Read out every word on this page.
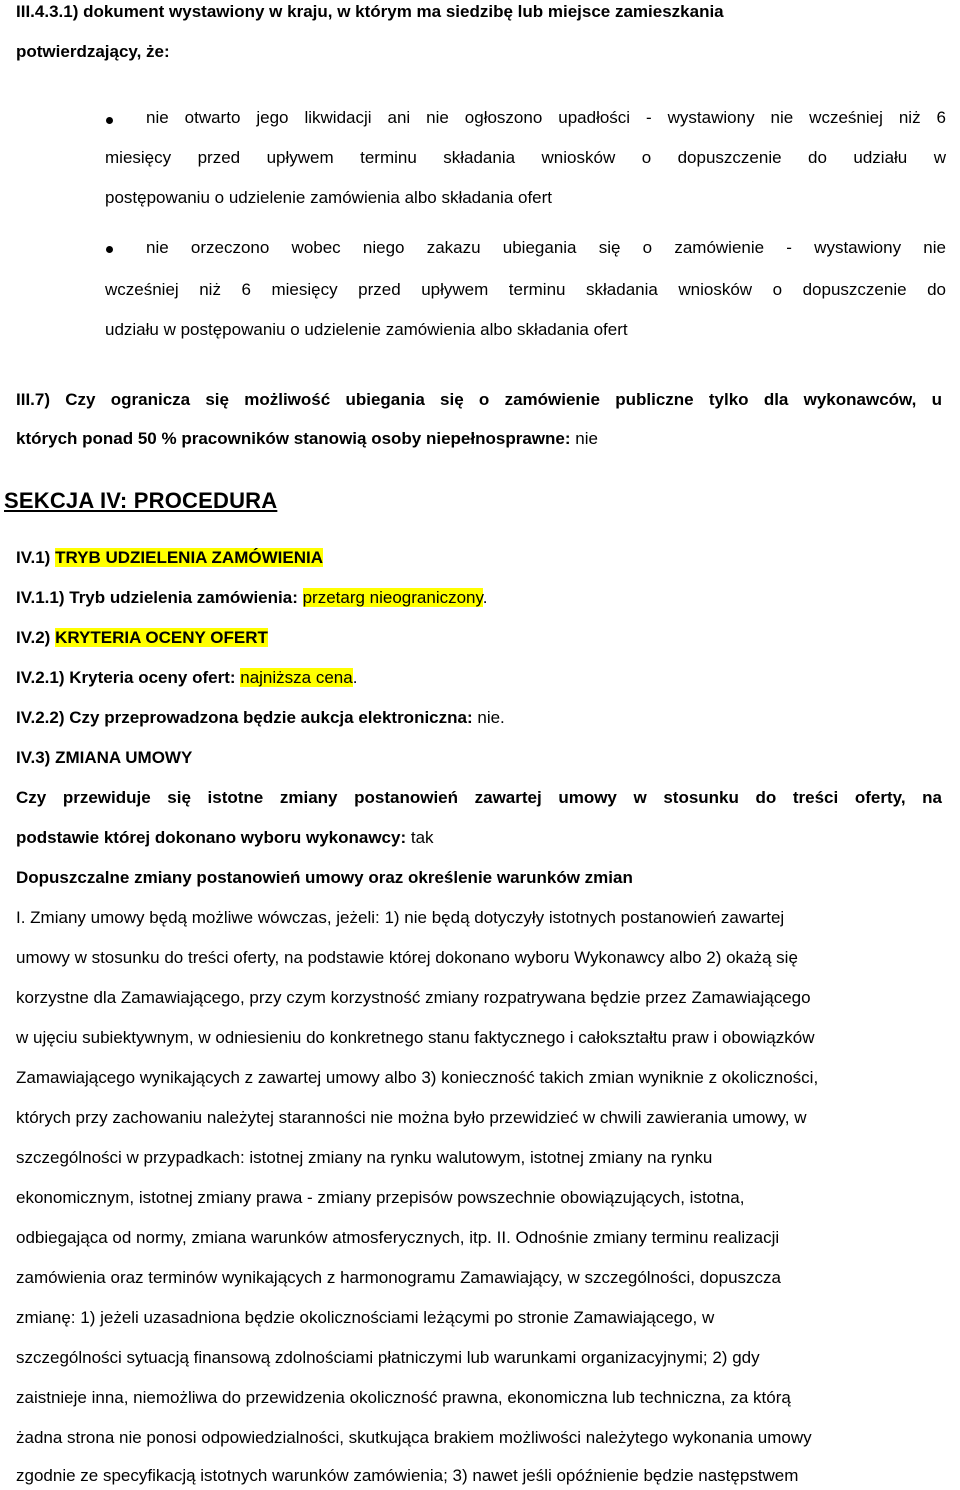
III.4.3.1) dokument wystawiony w kraju, w którym ma siedzibę lub miejsce zamieszkania
potwierdzający, że:
nie otwarto jego likwidacji ani nie ogłoszono upadłości - wystawiony nie wcześniej niż 6
miesięcy przed upływem terminu składania wniosków o dopuszczenie do udziału w
postępowaniu o udzielenie zamówienia albo składania ofert
nie orzeczono wobec niego zakazu ubiegania się o zamówienie - wystawiony nie
wcześniej niż 6 miesięcy przed upływem terminu składania wniosków o dopuszczenie do
udziału w postępowaniu o udzielenie zamówienia albo składania ofert
III.7) Czy ogranicza się możliwość ubiegania się o zamówienie publiczne tylko dla wykonawców, u
których ponad 50 % pracowników stanowią osoby niepełnosprawne: nie
SEKCJA IV: PROCEDURA
IV.1) TRYB UDZIELENIA ZAMÓWIENIA
IV.1.1) Tryb udzielenia zamówienia: przetarg nieograniczony.
IV.2) KRYTERIA OCENY OFERT
IV.2.1) Kryteria oceny ofert: najniższa cena.
IV.2.2) Czy przeprowadzona będzie aukcja elektroniczna: nie.
IV.3) ZMIANA UMOWY
Czy przewiduje się istotne zmiany postanowień zawartej umowy w stosunku do treści oferty, na
podstawie której dokonano wyboru wykonawcy: tak
Dopuszczalne zmiany postanowień umowy oraz określenie warunków zmian
I. Zmiany umowy będą możliwe wówczas, jeżeli: 1) nie będą dotyczyły istotnych postanowień zawartej
umowy w stosunku do treści oferty, na podstawie której dokonano wyboru Wykonawcy albo 2) okażą się
korzystne dla Zamawiającego, przy czym korzystność zmiany rozpatrywana będzie przez Zamawiającego
w ujęciu subiektywnym, w odniesieniu do konkretnego stanu faktycznego i całokształtu praw i obowiązków
Zamawiającego wynikających z zawartej umowy albo 3) konieczność takich zmian wyniknie z okoliczności,
których przy zachowaniu należytej staranności nie można było przewidzieć w chwili zawierania umowy, w
szczególności w przypadkach: istotnej zmiany na rynku walutowym, istotnej zmiany na rynku
ekonomicznym, istotnej zmiany prawa - zmiany przepisów powszechnie obowiązujących, istotna,
odbiegająca od normy, zmiana warunków atmosferycznych, itp. II. Odnośnie zmiany terminu realizacji
zamówienia oraz terminów wynikających z harmonogramu Zamawiający, w szczególności, dopuszcza
zmianę: 1) jeżeli uzasadniona będzie okolicznościami leżącymi po stronie Zamawiającego, w
szczególności sytuacją finansową zdolnościami płatniczymi lub warunkami organizacyjnymi; 2) gdy
zaistnieje inna, niemożliwa do przewidzenia okoliczność prawna, ekonomiczna lub techniczna, za którą
żadna strona nie ponosi odpowiedzialności, skutkująca brakiem możliwości należytego wykonania umowy
zgodnie ze specyfikacją istotnych warunków zamówienia; 3) nawet jeśli opóźnienie będzie następstwem
